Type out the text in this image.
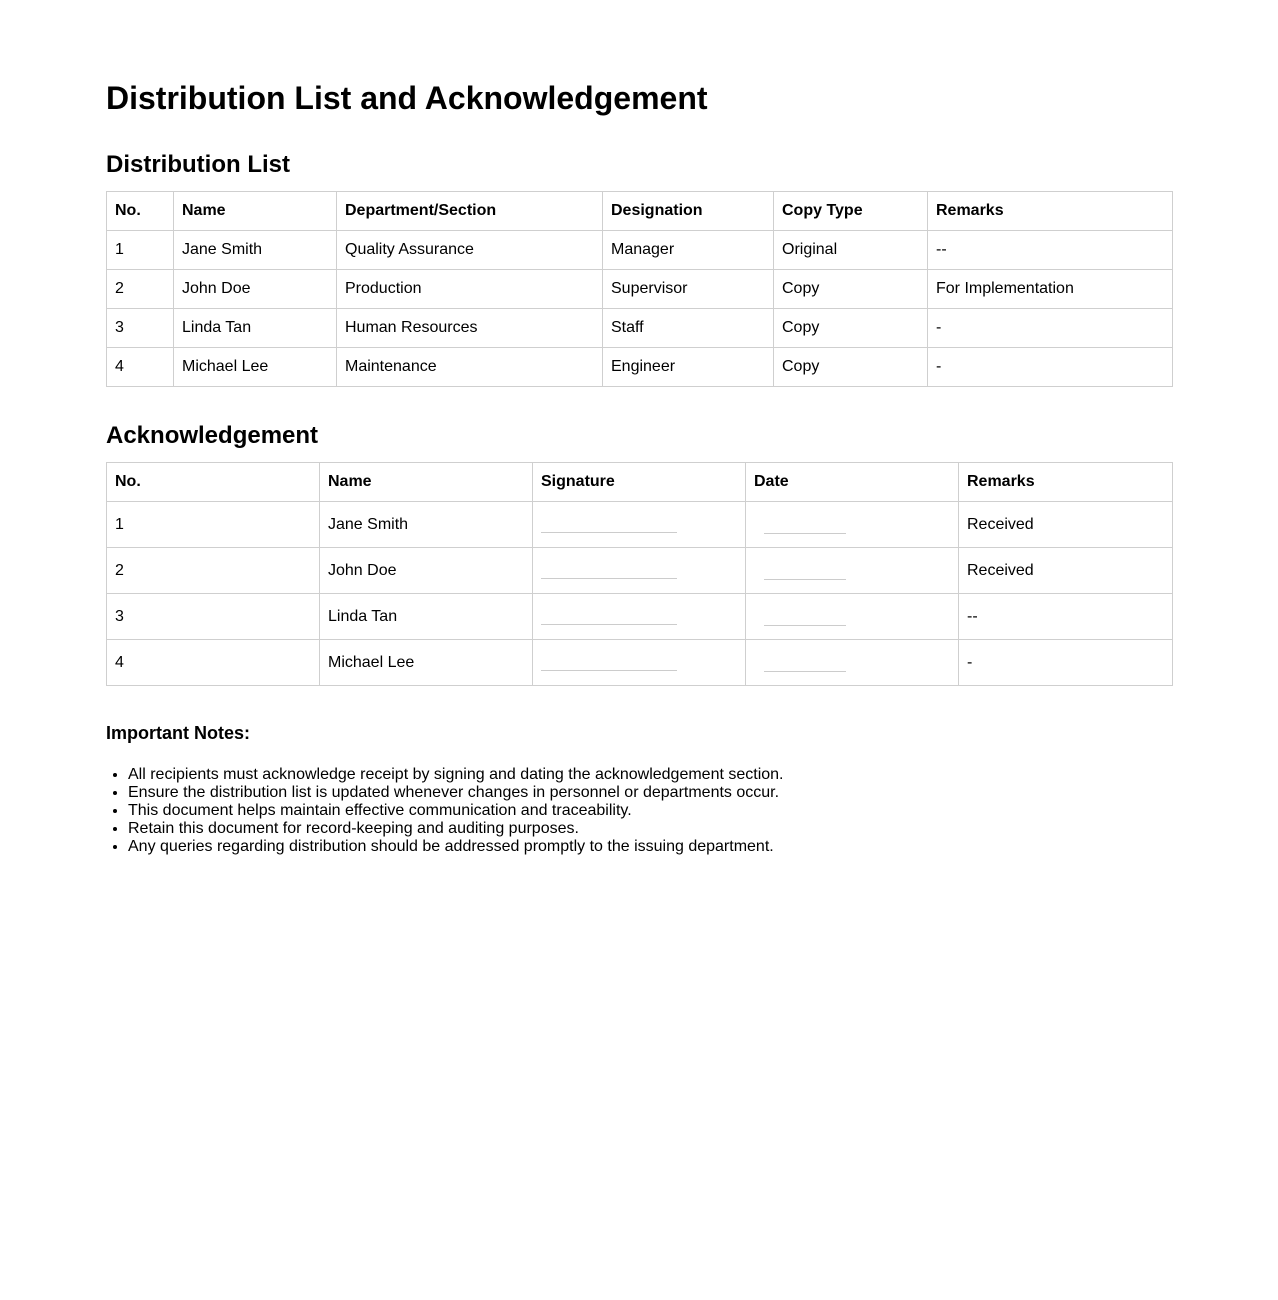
Distribution List and Acknowledgement
Distribution List
No.	Name	Department/Section	Designation	Copy Type	Remarks
1	Jane Smith	Quality Assurance	Manager	Original	--
2	John Doe	Production	Supervisor	Copy	For Implementation
3	Linda Tan	Human Resources	Staff	Copy	-
4	Michael Lee	Maintenance	Engineer	Copy	-
Acknowledgement
No.	Name	Signature	Date	Remarks
1	Jane Smith			Received
2	John Doe			Received
3	Linda Tan			--
4	Michael Lee			-
Important Notes:
• All recipients must acknowledge receipt by signing and dating the acknowledgement section.
• Ensure the distribution list is updated whenever changes in personnel or departments occur.
• This document helps maintain effective communication and traceability.
• Retain this document for record-keeping and auditing purposes.
• Any queries regarding distribution should be addressed promptly to the issuing department.
